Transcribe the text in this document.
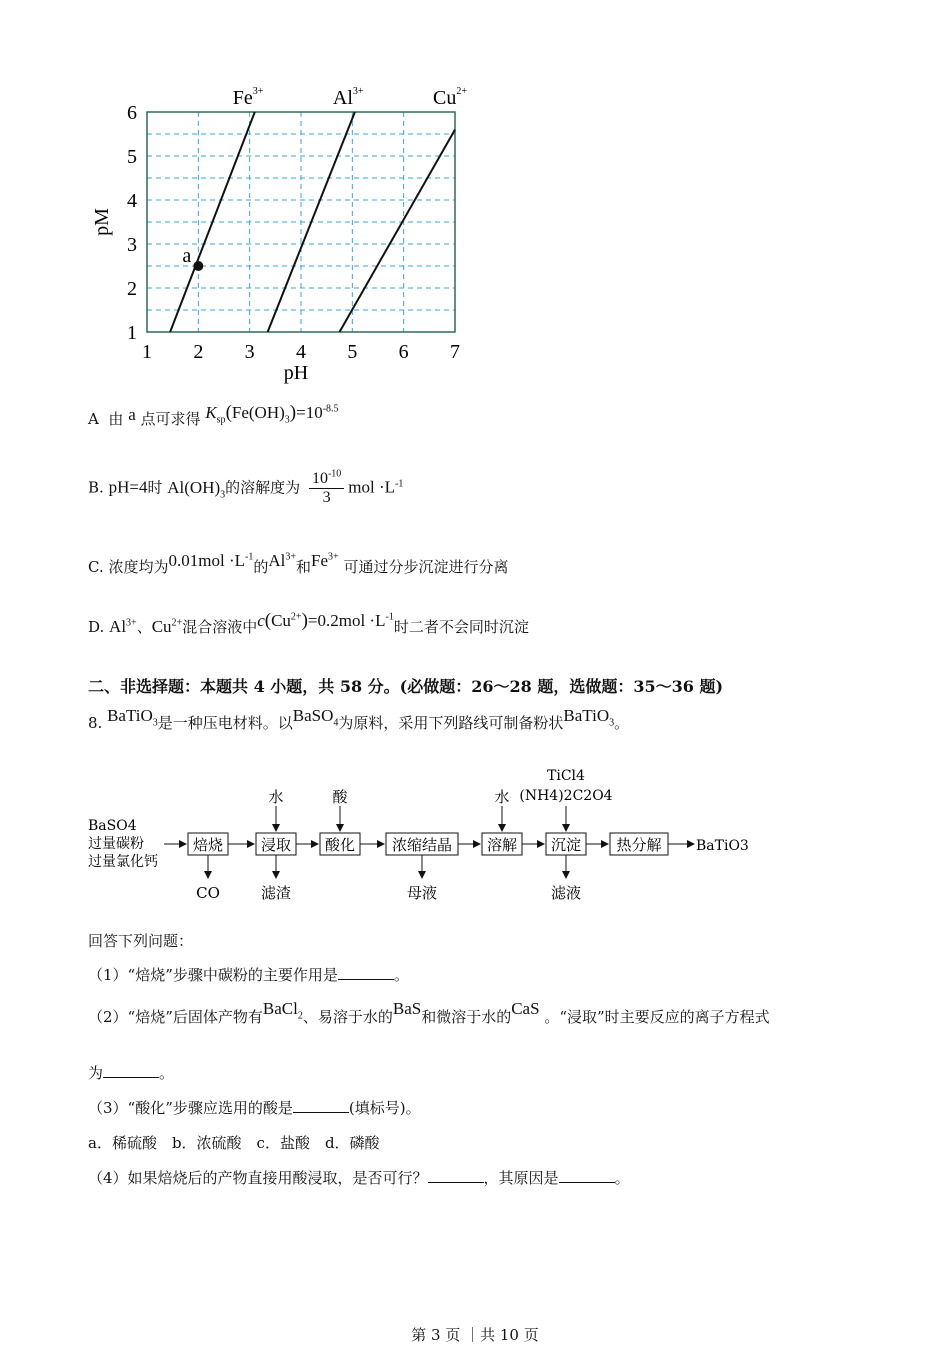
1 2 3 4 5 6 7
1
2
3
4
5
6
$Fe^{3+}$	$Al^{3+}$	$Cu^{2+}$
a
pH
pM
A 由 a 点可求得 $K_{sp}(Fe(OH)_3)=10^{-8.5}$
B. pH=4时 $Al(OH)_3$的溶解度为 $\frac{10^{-10}}{3}$ mol $\cdot L^{-1}$
C. 浓度均为$0.01mol \cdot L^{-1}$的$Al^{3+}$和$Fe^{3+}$ 可通过分步沉淀进行分离
D. $Al^{3+}$、$Cu^{2+}$混合溶液中$c(Cu^{2+})=0.2mol \cdot L^{-1}$时二者不会同时沉淀
二、非选择题：本题共 4 小题，共 58 分。(必做题：26～28 题，选做题：35～36 题)
8. BaTiO$_3$是一种压电材料。以BaSO$_4$为原料，采用下列路线可制备粉状BaTiO$_3$。
BaSO4
过量碳粉
过量氯化钙
焙烧	浸取 酸化 浓缩结晶 溶解 沉淀 热分解 BaTiO3
水	酸	水
TiCl4
(NH4)2C2O4
CO	滤渣	母液	滤液
回答下列问题：
（1）“焙烧”步骤中碳粉的主要作用是	。
（2）“焙烧”后固体产物有BaCl$_2$、易溶于水的BaS和微溶于水的CaS 。“浸取”时主要反应的离子方程式
为	。
（3）“酸化”步骤应选用的酸是	(填标号)。
a．稀硫酸　b．浓硫酸　c．盐酸　d．磷酸
（4）如果焙烧后的产物直接用酸浸取，是否可行？	，其原因是	。
第 3 页 ｜共 10 页
